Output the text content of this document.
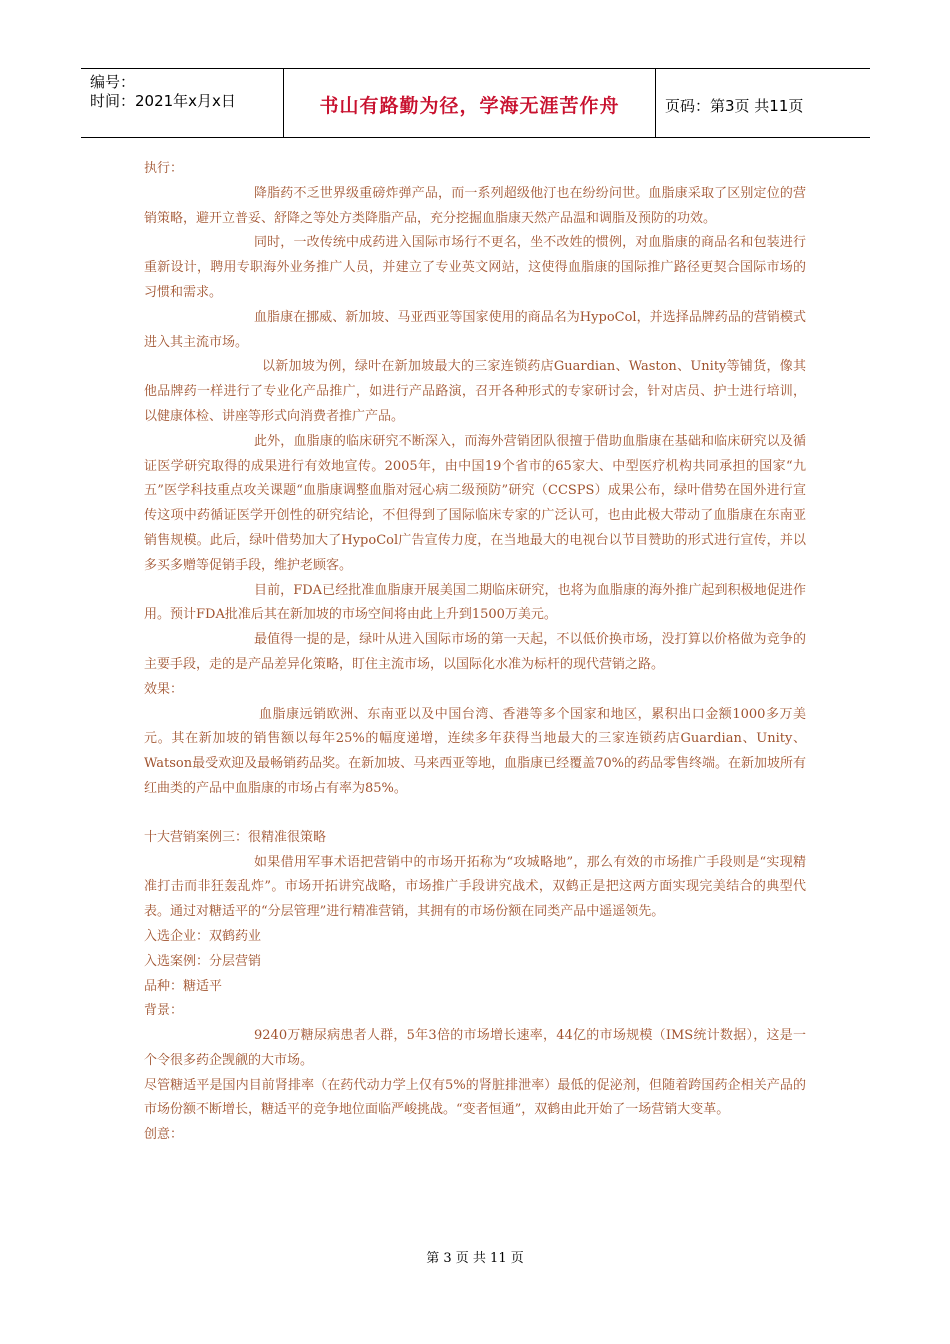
编号：
时间：2021年x月x日	书山有路勤为径，学海无涯苦作舟	页码：第3页 共11页

执行：

降脂药不乏世界级重磅炸弹产品，而一系列超级他汀也在纷纷问世。血脂康采取了区别定位的营销策略，避开立普妥、舒降之等处方类降脂产品，充分挖掘血脂康天然产品温和调脂及预防的功效。

同时，一改传统中成药进入国际市场行不更名，坐不改姓的惯例，对血脂康的商品名和包装进行重新设计，聘用专职海外业务推广人员，并建立了专业英文网站，这使得血脂康的国际推广路径更契合国际市场的习惯和需求。

血脂康在挪威、新加坡、马亚西亚等国家使用的商品名为HypoCol，并选择品牌药品的营销模式进入其主流市场。

以新加坡为例，绿叶在新加坡最大的三家连锁药店Guardian、Waston、Unity等铺货，像其他品牌药一样进行了专业化产品推广，如进行产品路演，召开各种形式的专家研讨会，针对店员、护士进行培训，以健康体检、讲座等形式向消费者推广产品。

此外，血脂康的临床研究不断深入，而海外营销团队很擅于借助血脂康在基础和临床研究以及循证医学研究取得的成果进行有效地宣传。2005年，由中国19个省市的65家大、中型医疗机构共同承担的国家“九五”医学科技重点攻关课题“血脂康调整血脂对冠心病二级预防”研究（CCSPS）成果公布，绿叶借势在国外进行宣传这项中药循证医学开创性的研究结论，不但得到了国际临床专家的广泛认可，也由此极大带动了血脂康在东南亚销售规模。此后，绿叶借势加大了HypoCol广告宣传力度，在当地最大的电视台以节目赞助的形式进行宣传，并以多买多赠等促销手段，维护老顾客。

目前，FDA已经批准血脂康开展美国二期临床研究，也将为血脂康的海外推广起到积极地促进作用。预计FDA批准后其在新加坡的市场空间将由此上升到1500万美元。

最值得一提的是，绿叶从进入国际市场的第一天起，不以低价换市场，没打算以价格做为竞争的主要手段，走的是产品差异化策略，盯住主流市场，以国际化水准为标杆的现代营销之路。

效果：

血脂康远销欧洲、东南亚以及中国台湾、香港等多个国家和地区，累积出口金额1000多万美元。其在新加坡的销售额以每年25%的幅度递增，连续多年获得当地最大的三家连锁药店Guardian、Unity、Watson最受欢迎及最畅销药品奖。在新加坡、马来西亚等地，血脂康已经覆盖70%的药品零售终端。在新加坡所有红曲类的产品中血脂康的市场占有率为85%。

十大营销案例三：很精准很策略

如果借用军事术语把营销中的市场开拓称为“攻城略地”，那么有效的市场推广手段则是“实现精准打击而非狂轰乱炸”。市场开拓讲究战略，市场推广手段讲究战术，双鹤正是把这两方面实现完美结合的典型代表。通过对糖适平的“分层管理”进行精准营销，其拥有的市场份额在同类产品中遥遥领先。

入选企业：双鹤药业

入选案例：分层营销

品种：糖适平

背景：

9240万糖尿病患者人群，5年3倍的市场增长速率，44亿的市场规模（IMS统计数据），这是一个令很多药企觊觎的大市场。

尽管糖适平是国内目前肾排率（在药代动力学上仅有5%的肾脏排泄率）最低的促泌剂，但随着跨国药企相关产品的市场份额不断增长，糖适平的竞争地位面临严峻挑战。“变者恒通”，双鹤由此开始了一场营销大变革。

创意：

第 3 页 共 11 页
